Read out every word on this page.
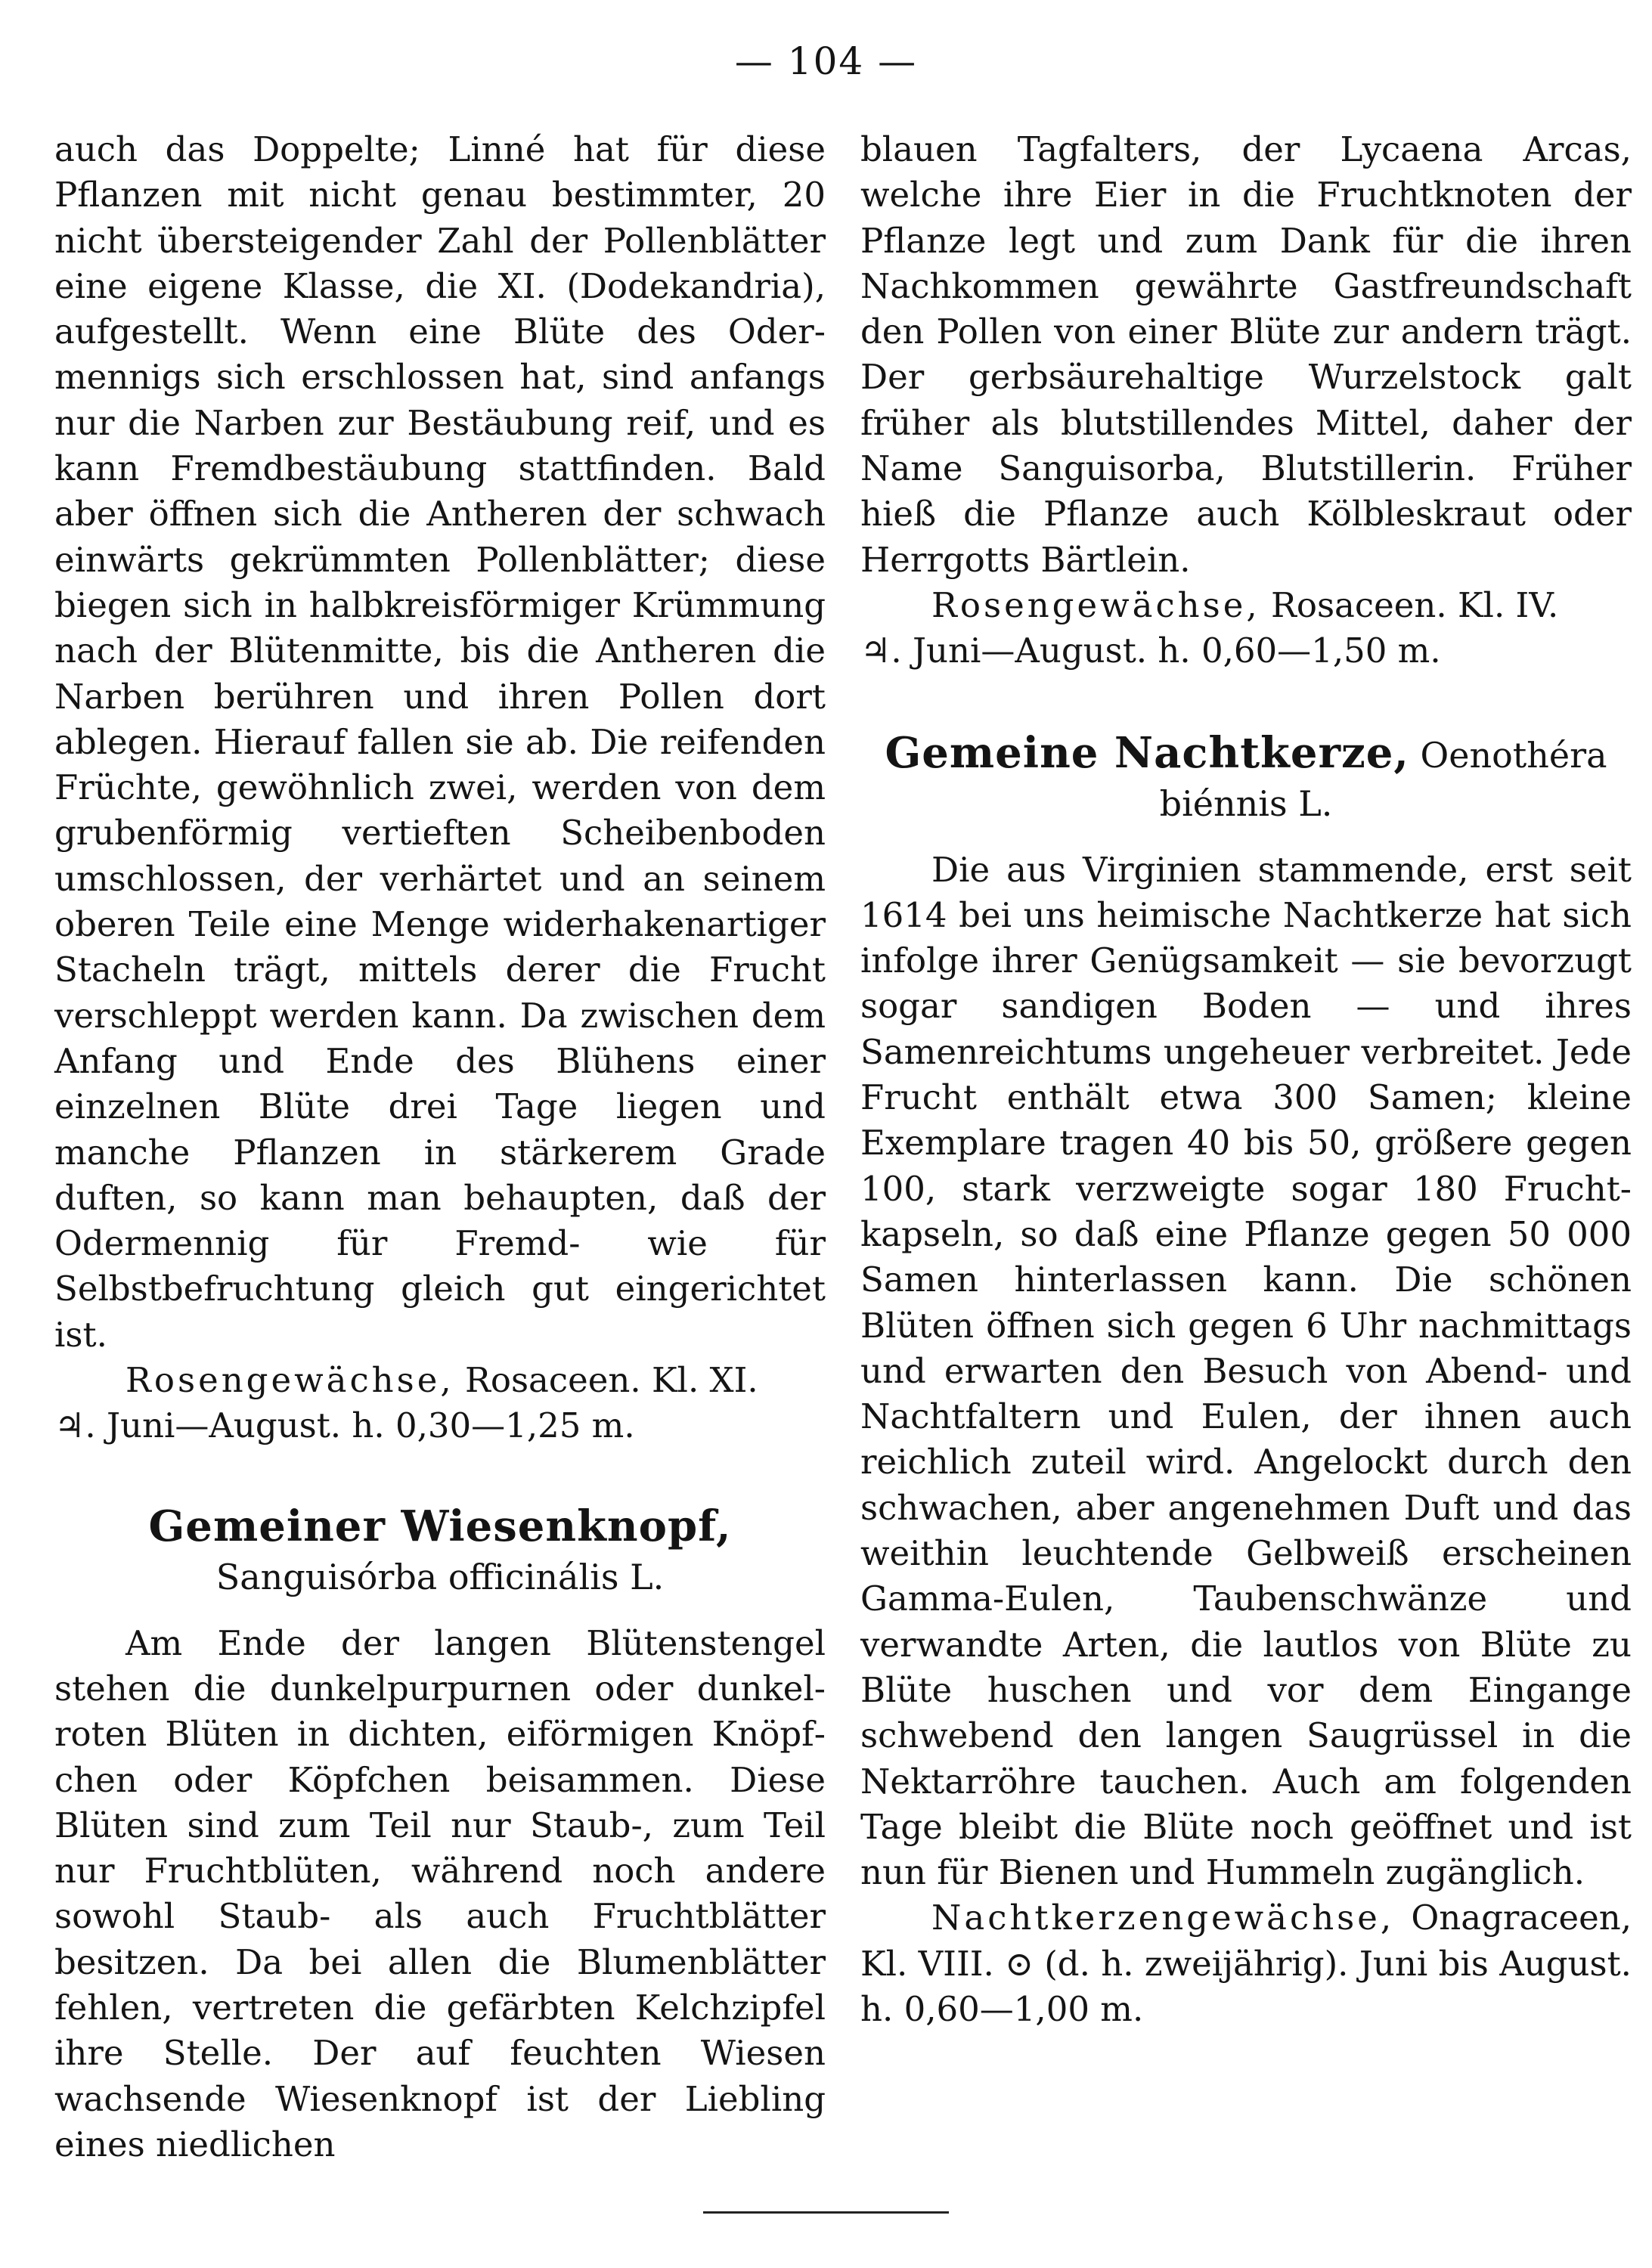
— 104 —

auch das Doppelte; Linné hat für diese Pflanzen mit nicht genau bestimmter, 20 nicht übersteigender Zahl der Pollenblätter eine eigene Klasse, die XI. (Dodekandria), aufgestellt. Wenn eine Blüte des Odermennigs sich erschlossen hat, sind anfangs nur die Narben zur Bestäubung reif, und es kann Fremdbestäubung stattfinden. Bald aber öffnen sich die Antheren der schwach einwärts gekrümmten Pollenblätter; diese biegen sich in halbkreisförmiger Krümmung nach der Blütenmitte, bis die Antheren die Narben berühren und ihren Pollen dort ablegen. Hierauf fallen sie ab. Die reifenden Früchte, gewöhnlich zwei, werden von dem grubenförmig vertieften Scheibenboden umschlossen, der verhärtet und an seinem oberen Teile eine Menge widerhakenartiger Stacheln trägt, mittels derer die Frucht verschleppt werden kann. Da zwischen dem Anfang und Ende des Blühens einer einzelnen Blüte drei Tage liegen und manche Pflanzen in stärkerem Grade duften, so kann man behaupten, daß der Odermennig für Fremd- wie für Selbstbefruchtung gleich gut eingerichtet ist.

Rosengewächse, Rosaceen. Kl. XI.

♃. Juni—August. h. 0,30—1,25 m.

Gemeiner Wiesenknopf, Sanguisórba officinális L.

Am Ende der langen Blütenstengel stehen die dunkelpurpurnen oder dunkelroten Blüten in dichten, eiförmigen Knöpfchen oder Köpfchen beisammen. Diese Blüten sind zum Teil nur Staub-, zum Teil nur Fruchtblüten, während noch andere sowohl Staub- als auch Fruchtblätter besitzen. Da bei allen die Blumenblätter fehlen, vertreten die gefärbten Kelchzipfel ihre Stelle. Der auf feuchten Wiesen wachsende Wiesenknopf ist der Liebling eines niedlichen

blauen Tagfalters, der Lycaena Arcas, welche ihre Eier in die Fruchtknoten der Pflanze legt und zum Dank für die ihren Nachkommen gewährte Gastfreundschaft den Pollen von einer Blüte zur andern trägt. Der gerbsäurehaltige Wurzelstock galt früher als blutstillendes Mittel, daher der Name Sanguisorba, Blutstillerin. Früher hieß die Pflanze auch Kölbleskraut oder Herrgotts Bärtlein.

Rosengewächse, Rosaceen. Kl. IV.

♃. Juni—August. h. 0,60—1,50 m.

Gemeine Nachtkerze, Oenothéra biénnis L.

Die aus Virginien stammende, erst seit 1614 bei uns heimische Nachtkerze hat sich infolge ihrer Genügsamkeit — sie bevorzugt sogar sandigen Boden — und ihres Samenreichtums ungeheuer verbreitet. Jede Frucht enthält etwa 300 Samen; kleine Exemplare tragen 40 bis 50, größere gegen 100, stark verzweigte sogar 180 Fruchtkapseln, so daß eine Pflanze gegen 50 000 Samen hinterlassen kann. Die schönen Blüten öffnen sich gegen 6 Uhr nachmittags und erwarten den Besuch von Abend- und Nachtfaltern und Eulen, der ihnen auch reichlich zuteil wird. Angelockt durch den schwachen, aber angenehmen Duft und das weithin leuchtende Gelbweiß erscheinen Gamma-Eulen, Taubenschwänze und verwandte Arten, die lautlos von Blüte zu Blüte huschen und vor dem Eingange schwebend den langen Saugrüssel in die Nektarröhre tauchen. Auch am folgenden Tage bleibt die Blüte noch geöffnet und ist nun für Bienen und Hummeln zugänglich.

Nachtkerzengewächse, Onagraceen, Kl. VIII. ⊙ (d. h. zweijährig). Juni bis August. h. 0,60—1,00 m.
